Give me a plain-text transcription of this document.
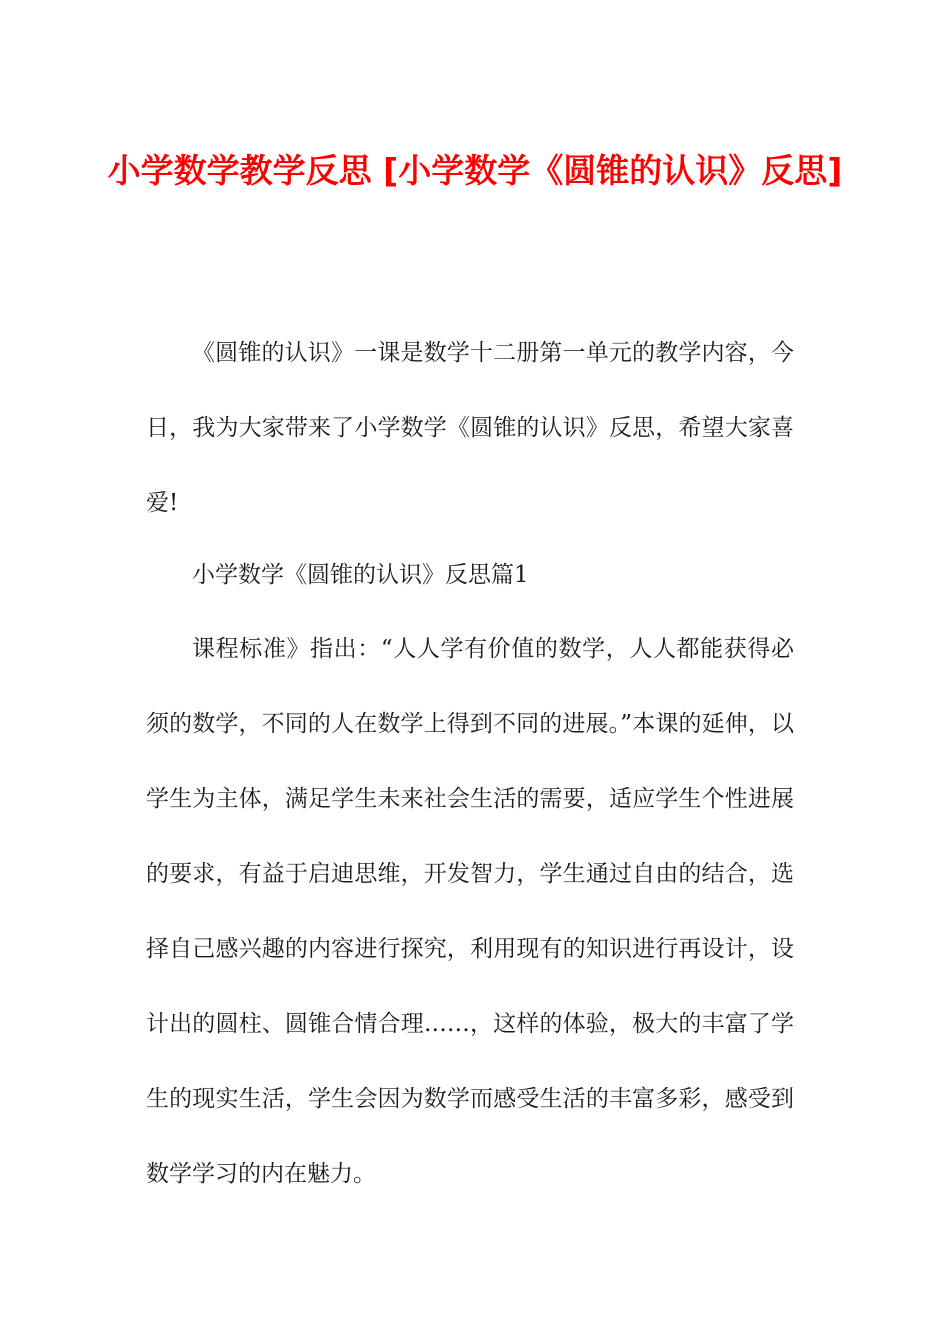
小学数学教学反思 [小学数学《圆锥的认识》反思]

《圆锥的认识》一课是数学十二册第一单元的教学内容，今日，我为大家带来了小学数学《圆锥的认识》反思，希望大家喜爱!

小学数学《圆锥的认识》反思篇1

课程标准》指出：“人人学有价值的数学，人人都能获得必须的数学，不同的人在数学上得到不同的进展。”本课的延伸，以学生为主体，满足学生未来社会生活的需要，适应学生个性进展的要求，有益于启迪思维，开发智力，学生通过自由的结合，选择自己感兴趣的内容进行探究，利用现有的知识进行再设计，设计出的圆柱、圆锥合情合理……，这样的体验，极大的丰富了学生的现实生活，学生会因为数学而感受生活的丰富多彩，感受到数学学习的内在魅力。
